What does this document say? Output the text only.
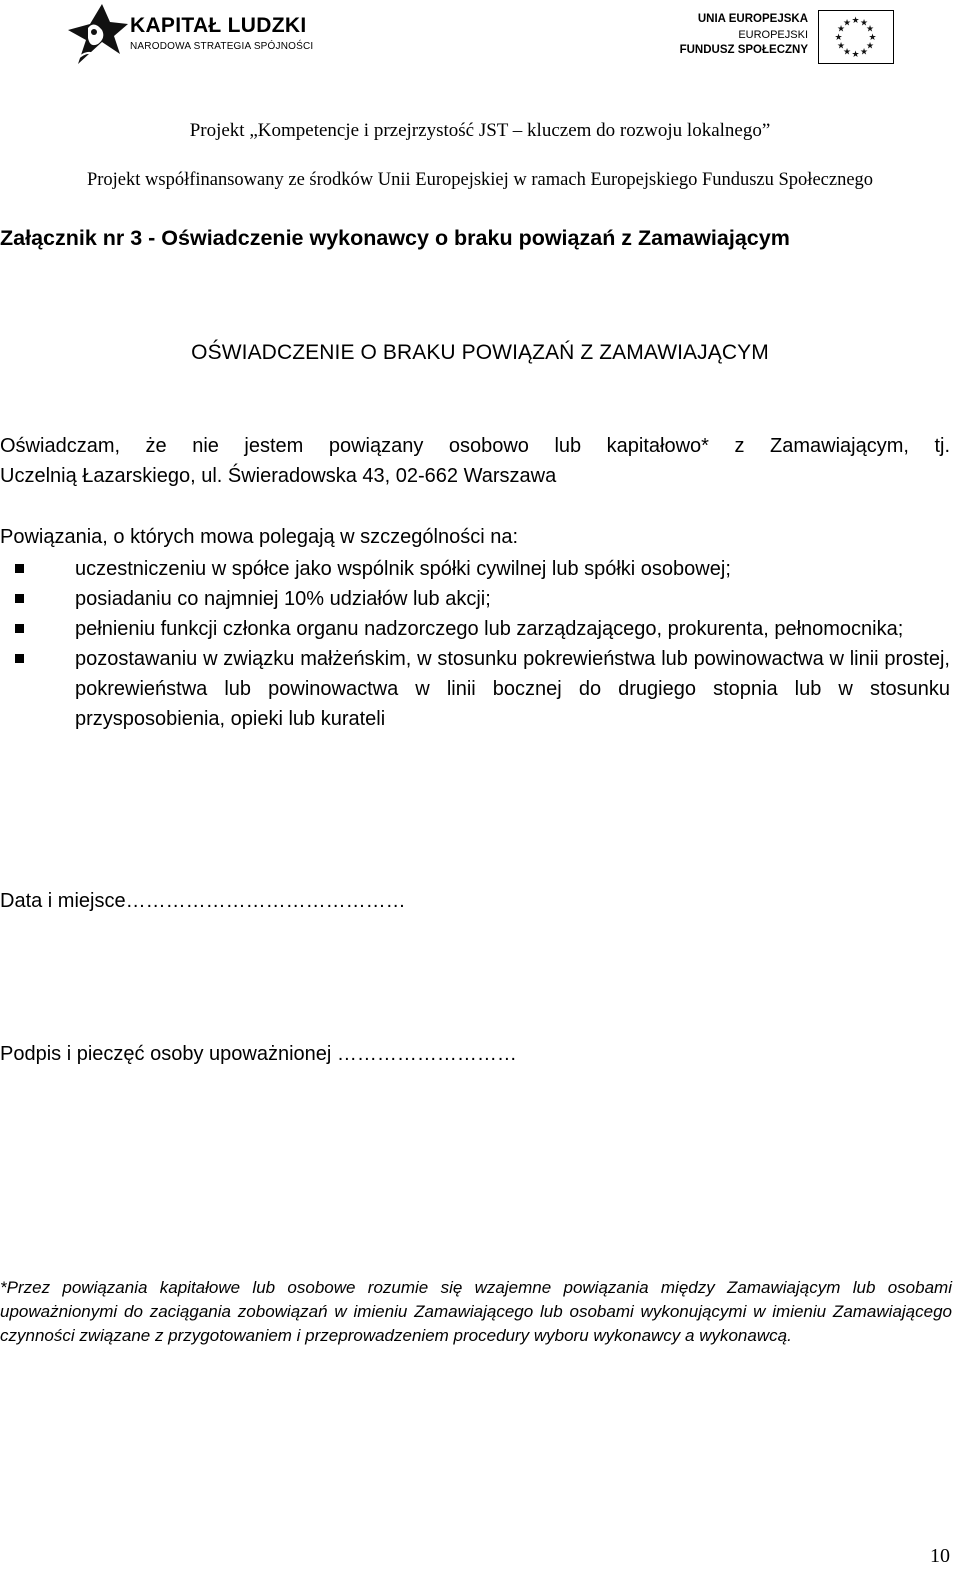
KAPITAŁ LUDZKI
NARODOWA STRATEGIA SPÓJNOŚCI
UNIA EUROPEJSKA
EUROPEJSKI
FUNDUSZ SPOŁECZNY
★ ★
★
★
★
★
★
★
★
★
★
★
Projekt „Kompetencje i przejrzystość JST – kluczem do rozwoju lokalnego”
Projekt współfinansowany ze środków Unii Europejskiej w ramach Europejskiego Funduszu Społecznego
Załącznik nr 3 - Oświadczenie wykonawcy o braku powiązań z Zamawiającym
OŚWIADCZENIE O BRAKU POWIĄZAŃ Z ZAMAWIAJĄCYM
Oświadczam, że nie jestem powiązany osobowo lub kapitałowo* z Zamawiającym, tj.
Uczelnią Łazarskiego, ul. Świeradowska 43, 02-662 Warszawa
Powiązania, o których mowa polegają w szczególności na:
uczestniczeniu w spółce jako wspólnik spółki cywilnej lub spółki osobowej;
posiadaniu co najmniej 10% udziałów lub akcji;
pełnieniu funkcji członka organu nadzorczego lub zarządzającego, prokurenta, pełnomocnika;
pozostawaniu w związku małżeńskim, w stosunku pokrewieństwa lub powinowactwa w linii prostej, pokrewieństwa lub powinowactwa w linii bocznej do drugiego stopnia lub w stosunku przysposobienia, opieki lub kurateli
Data i miejsce……………………………………
Podpis i pieczęć osoby upoważnionej ………………………
*Przez powiązania kapitałowe lub osobowe rozumie się wzajemne powiązania między Zamawiającym lub osobami
upoważnionymi do zaciągania zobowiązań w imieniu Zamawiającego lub osobami wykonującymi w imieniu Zamawiającego
czynności związane z przygotowaniem i przeprowadzeniem procedury wyboru wykonawcy a wykonawcą.
10
